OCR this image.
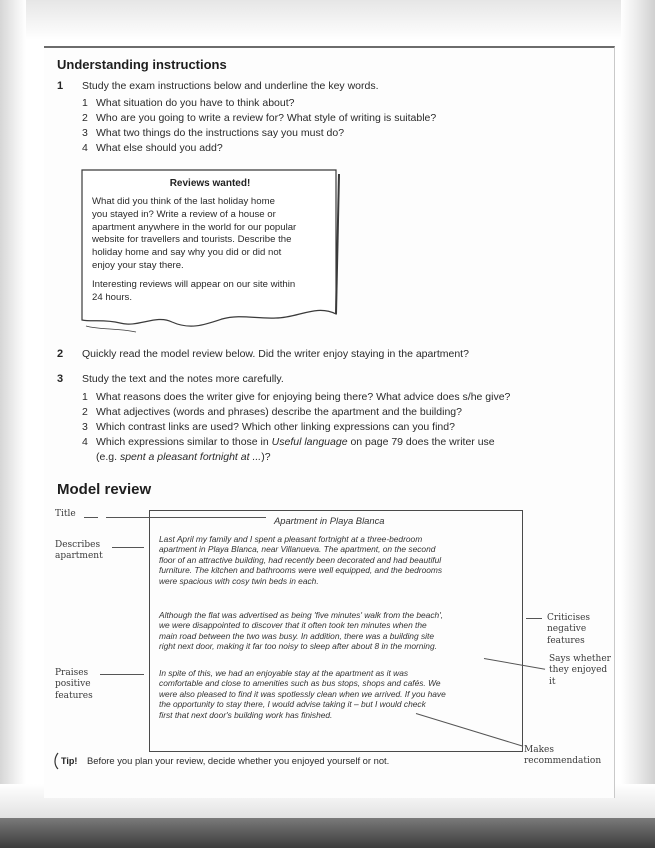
Understanding instructions
1 Study the exam instructions below and underline the key words.
1 What situation do you have to think about?
2 Who are you going to write a review for? What style of writing is suitable?
3 What two things do the instructions say you must do?
4 What else should you add?
Reviews wanted!
What did you think of the last holiday home
you stayed in? Write a review of a house or
apartment anywhere in the world for our popular
website for travellers and tourists. Describe the
holiday home and say why you did or did not
enjoy your stay there.
Interesting reviews will appear on our site within
24 hours.
2 Quickly read the model review below. Did the writer enjoy staying in the apartment?
3 Study the text and the notes more carefully.
1 What reasons does the writer give for enjoying being there? What advice does s/he give?
2 What adjectives (words and phrases) describe the apartment and the building?
3 Which contrast links are used? Which other linking expressions can you find?
4 Which expressions similar to those in Useful language on page 79 does the writer use
(e.g. spent a pleasant fortnight at ...)?
Model review
Apartment in Playa Blanca
Last April my family and I spent a pleasant fortnight at a three-bedroom
apartment in Playa Blanca, near Villanueva. The apartment, on the second
floor of an attractive building, had recently been decorated and had beautiful
furniture. The kitchen and bathrooms were well equipped, and the bedrooms
were spacious with cosy twin beds in each.
Although the flat was advertised as being 'five minutes' walk from the beach',
we were disappointed to discover that it often took ten minutes when the
main road between the two was busy. In addition, there was a building site
right next door, making it far too noisy to sleep after about 8 in the morning.
In spite of this, we had an enjoyable stay at the apartment as it was
comfortable and close to amenities such as bus stops, shops and cafés. We
were also pleased to find it was spotlessly clean when we arrived. If you have
the opportunity to stay there, I would advise taking it – but I would check
first that next door's building work has finished.
Title
Describes
apartment
Praises
positive
features
Criticises
negative
features
Says whether
they enjoyed it
Makes
recommendation
Tip! Before you plan your review, decide whether you enjoyed yourself or not.
